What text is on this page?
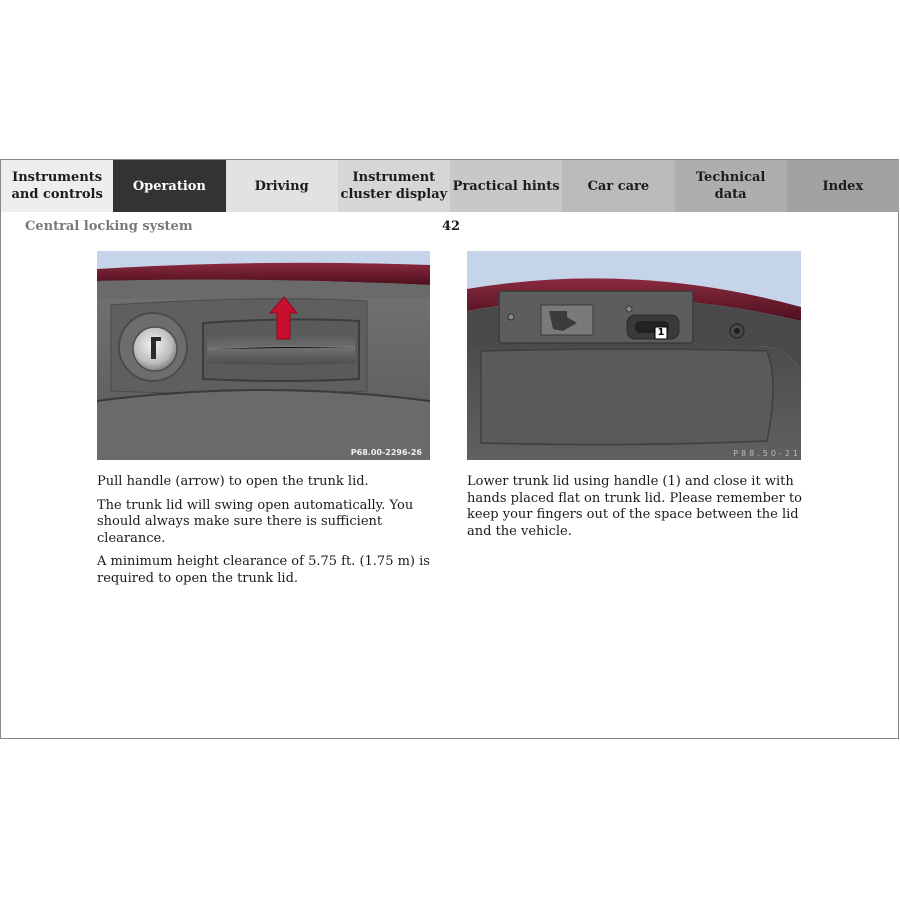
Instruments
and controls
Operation	Driving
Instrument
cluster display
Practical hints	Car care
Technical
data
Index
Central locking system	42
P68.00-2296-26	P88.50-21
1

Pull handle (arrow) to open the trunk lid.

The trunk lid will swing open automatically. You should always make sure there is sufficient clearance.

A minimum height clearance of 5.75 ft. (1.75 m) is required to open the trunk lid.

Lower trunk lid using handle (1) and close it with hands placed flat on trunk lid. Please remember to keep your fingers out of the space between the lid and the vehicle.
